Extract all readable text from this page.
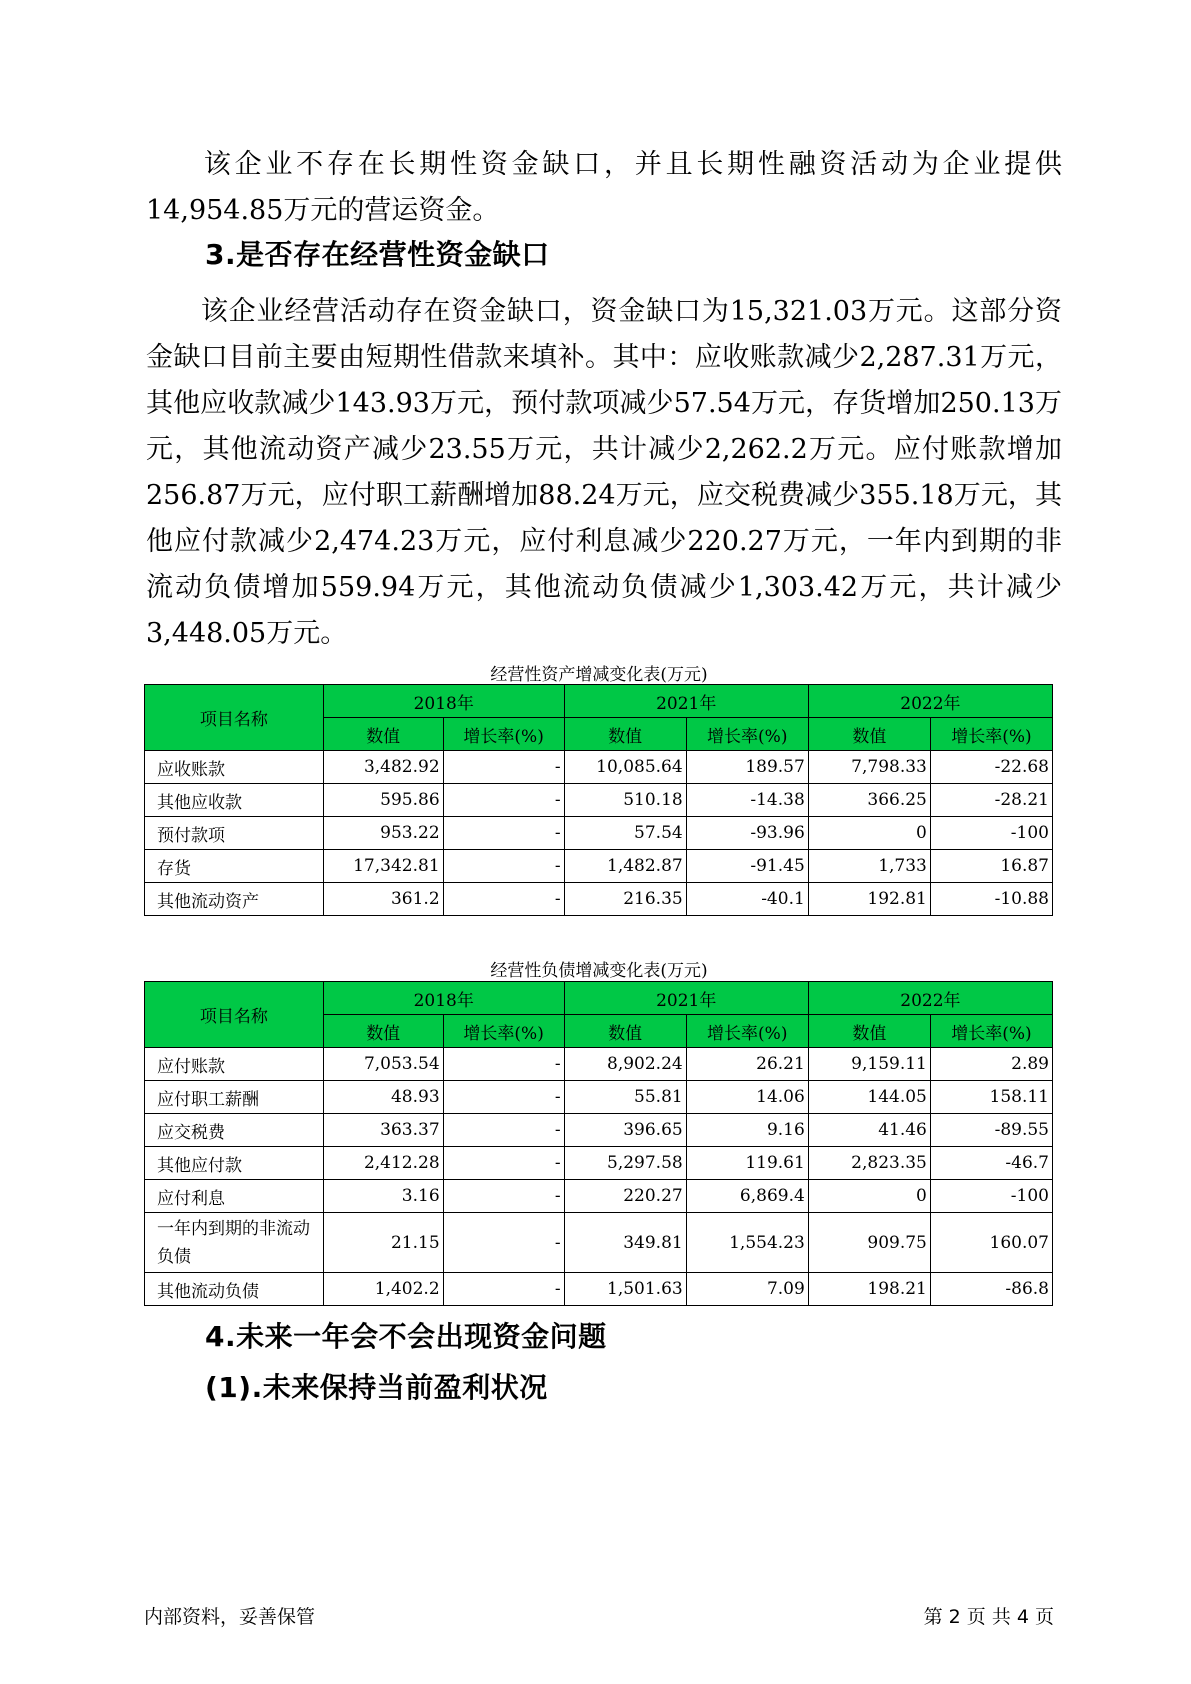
该企业不存在长期性资金缺口，并且长期性融资活动为企业提供14,954.85万元的营运资金。

3.是否存在经营性资金缺口

该企业经营活动存在资金缺口，资金缺口为15,321.03万元。这部分资金缺口目前主要由短期性借款来填补。其中：应收账款减少2,287.31万元，其他应收款减少143.93万元，预付款项减少57.54万元，存货增加250.13万元，其他流动资产减少23.55万元，共计减少2,262.2万元。应付账款增加256.87万元，应付职工薪酬增加88.24万元，应交税费减少355.18万元，其他应付款减少2,474.23万元，应付利息减少220.27万元，一年内到期的非流动负债增加559.94万元，其他流动负债减少1,303.42万元，共计减少3,448.05万元。

经营性资产增减变化表(万元)

项目名称	2018年		2021年		2022年	
	数值	增长率(%)	数值	增长率(%)	数值	增长率(%)
应收账款	3,482.92	-	10,085.64	189.57	7,798.33	-22.68
其他应收款	595.86	-	510.18	-14.38	366.25	-28.21
预付款项	953.22	-	57.54	-93.96	0	-100
存货	17,342.81	-	1,482.87	-91.45	1,733	16.87
其他流动资产	361.2	-	216.35	-40.1	192.81	-10.88

经营性负债增减变化表(万元)

项目名称	2018年		2021年		2022年	
	数值	增长率(%)	数值	增长率(%)	数值	增长率(%)
应付账款	7,053.54	-	8,902.24	26.21	9,159.11	2.89
应付职工薪酬	48.93	-	55.81	14.06	144.05	158.11
应交税费	363.37	-	396.65	9.16	41.46	-89.55
其他应付款	2,412.28	-	5,297.58	119.61	2,823.35	-46.7
应付利息	3.16	-	220.27	6,869.4	0	-100
一年内到期的非流动负债	21.15	-	349.81	1,554.23	909.75	160.07
其他流动负债	1,402.2	-	1,501.63	7.09	198.21	-86.8
4.未来一年会不会出现资金问题
(1).未来保持当前盈利状况
内部资料，妥善保管	第 2 页 共 4 页
